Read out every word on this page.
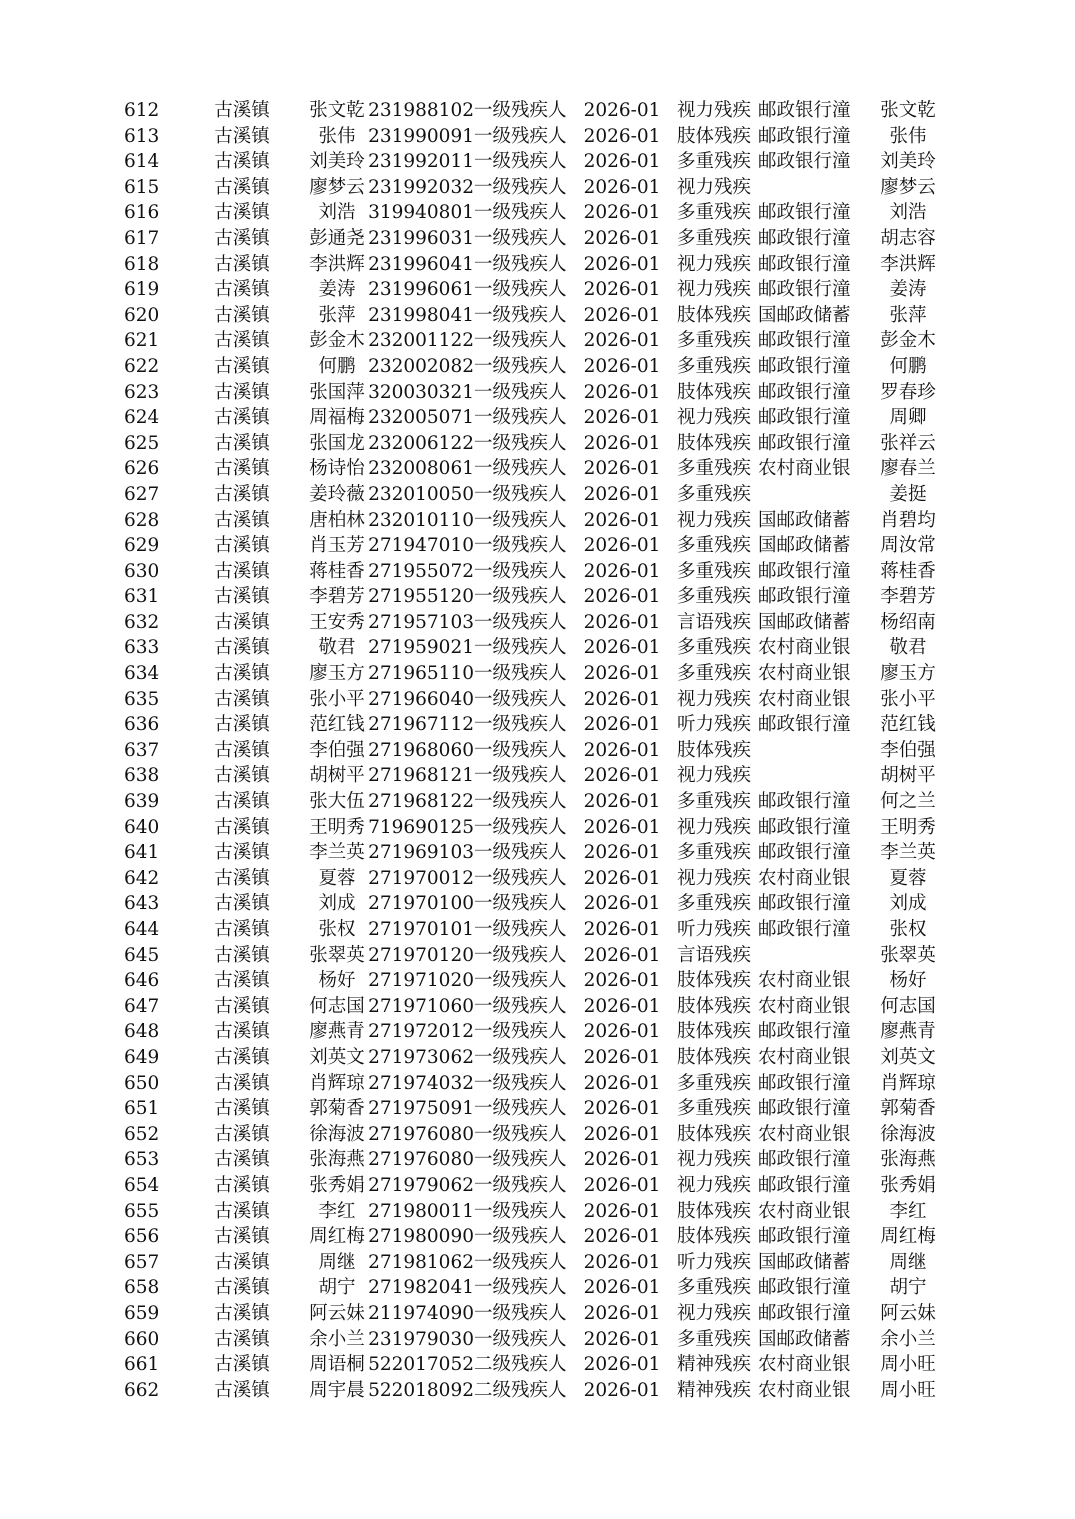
612	古溪镇	张文乾	231988102	一级残疾人	2026-01	视力残疾	邮政银行潼	张文乾
613	古溪镇	张伟	231990091	一级残疾人	2026-01	肢体残疾	邮政银行潼	张伟
614	古溪镇	刘美玲	231992011	一级残疾人	2026-01	多重残疾	邮政银行潼	刘美玲
615	古溪镇	廖梦云	231992032	一级残疾人	2026-01	视力残疾		廖梦云
616	古溪镇	刘浩	319940801	一级残疾人	2026-01	多重残疾	邮政银行潼	刘浩
617	古溪镇	彭通尧	231996031	一级残疾人	2026-01	多重残疾	邮政银行潼	胡志容
618	古溪镇	李洪辉	231996041	一级残疾人	2026-01	视力残疾	邮政银行潼	李洪辉
619	古溪镇	姜涛	231996061	一级残疾人	2026-01	视力残疾	邮政银行潼	姜涛
620	古溪镇	张萍	231998041	一级残疾人	2026-01	肢体残疾	国邮政储蓄	张萍
621	古溪镇	彭金木	232001122	一级残疾人	2026-01	多重残疾	邮政银行潼	彭金木
622	古溪镇	何鹏	232002082	一级残疾人	2026-01	多重残疾	邮政银行潼	何鹏
623	古溪镇	张国萍	320030321	一级残疾人	2026-01	肢体残疾	邮政银行潼	罗春珍
624	古溪镇	周福梅	232005071	一级残疾人	2026-01	视力残疾	邮政银行潼	周卿
625	古溪镇	张国龙	232006122	一级残疾人	2026-01	肢体残疾	邮政银行潼	张祥云
626	古溪镇	杨诗怡	232008061	一级残疾人	2026-01	多重残疾	农村商业银	廖春兰
627	古溪镇	姜玲薇	232010050	一级残疾人	2026-01	多重残疾		姜挺
628	古溪镇	唐柏林	232010110	一级残疾人	2026-01	视力残疾	国邮政储蓄	肖碧均
629	古溪镇	肖玉芳	271947010	一级残疾人	2026-01	多重残疾	国邮政储蓄	周汝常
630	古溪镇	蒋桂香	271955072	一级残疾人	2026-01	多重残疾	邮政银行潼	蒋桂香
631	古溪镇	李碧芳	271955120	一级残疾人	2026-01	多重残疾	邮政银行潼	李碧芳
632	古溪镇	王安秀	271957103	一级残疾人	2026-01	言语残疾	国邮政储蓄	杨绍南
633	古溪镇	敬君	271959021	一级残疾人	2026-01	多重残疾	农村商业银	敬君
634	古溪镇	廖玉方	271965110	一级残疾人	2026-01	多重残疾	农村商业银	廖玉方
635	古溪镇	张小平	271966040	一级残疾人	2026-01	视力残疾	农村商业银	张小平
636	古溪镇	范红钱	271967112	一级残疾人	2026-01	听力残疾	邮政银行潼	范红钱
637	古溪镇	李伯强	271968060	一级残疾人	2026-01	肢体残疾		李伯强
638	古溪镇	胡树平	271968121	一级残疾人	2026-01	视力残疾		胡树平
639	古溪镇	张大伍	271968122	一级残疾人	2026-01	多重残疾	邮政银行潼	何之兰
640	古溪镇	王明秀	719690125	一级残疾人	2026-01	视力残疾	邮政银行潼	王明秀
641	古溪镇	李兰英	271969103	一级残疾人	2026-01	多重残疾	邮政银行潼	李兰英
642	古溪镇	夏蓉	271970012	一级残疾人	2026-01	视力残疾	农村商业银	夏蓉
643	古溪镇	刘成	271970100	一级残疾人	2026-01	多重残疾	邮政银行潼	刘成
644	古溪镇	张权	271970101	一级残疾人	2026-01	听力残疾	邮政银行潼	张权
645	古溪镇	张翠英	271970120	一级残疾人	2026-01	言语残疾		张翠英
646	古溪镇	杨好	271971020	一级残疾人	2026-01	肢体残疾	农村商业银	杨好
647	古溪镇	何志国	271971060	一级残疾人	2026-01	肢体残疾	农村商业银	何志国
648	古溪镇	廖燕青	271972012	一级残疾人	2026-01	肢体残疾	邮政银行潼	廖燕青
649	古溪镇	刘英文	271973062	一级残疾人	2026-01	肢体残疾	农村商业银	刘英文
650	古溪镇	肖辉琼	271974032	一级残疾人	2026-01	多重残疾	邮政银行潼	肖辉琼
651	古溪镇	郭菊香	271975091	一级残疾人	2026-01	多重残疾	邮政银行潼	郭菊香
652	古溪镇	徐海波	271976080	一级残疾人	2026-01	肢体残疾	农村商业银	徐海波
653	古溪镇	张海燕	271976080	一级残疾人	2026-01	视力残疾	邮政银行潼	张海燕
654	古溪镇	张秀娟	271979062	一级残疾人	2026-01	视力残疾	邮政银行潼	张秀娟
655	古溪镇	李红	271980011	一级残疾人	2026-01	肢体残疾	农村商业银	李红
656	古溪镇	周红梅	271980090	一级残疾人	2026-01	肢体残疾	邮政银行潼	周红梅
657	古溪镇	周继	271981062	一级残疾人	2026-01	听力残疾	国邮政储蓄	周继
658	古溪镇	胡宁	271982041	一级残疾人	2026-01	多重残疾	邮政银行潼	胡宁
659	古溪镇	阿云妹	211974090	一级残疾人	2026-01	视力残疾	邮政银行潼	阿云妹
660	古溪镇	余小兰	231979030	一级残疾人	2026-01	多重残疾	国邮政储蓄	余小兰
661	古溪镇	周语桐	522017052	二级残疾人	2026-01	精神残疾	农村商业银	周小旺
662	古溪镇	周宇晨	522018092	二级残疾人	2026-01	精神残疾	农村商业银	周小旺
